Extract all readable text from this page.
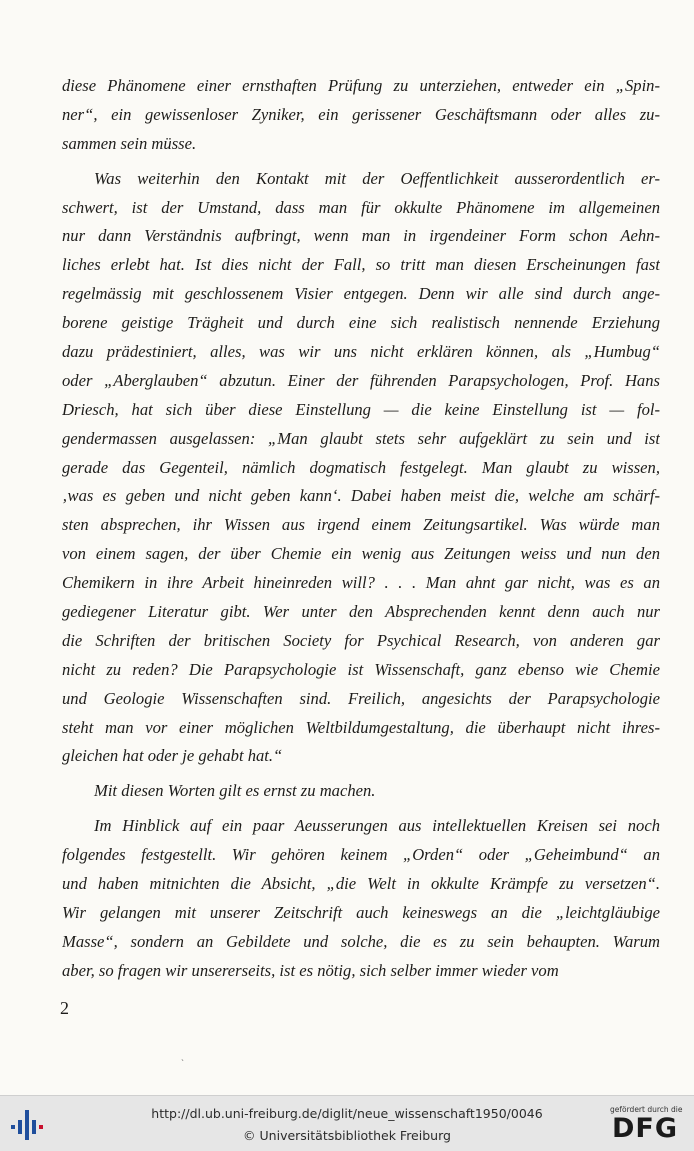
diese Phänomene einer ernsthaften Prüfung zu unterziehen, entweder ein „Spin-
ner“, ein gewissenloser Zyniker, ein gerissener Geschäftsmann oder alles zu-
sammen sein müsse.
Was weiterhin den Kontakt mit der Oeffentlichkeit ausserordentlich er-
schwert, ist der Umstand, dass man für okkulte Phänomene im allgemeinen
nur dann Verständnis aufbringt, wenn man in irgendeiner Form schon Aehn-
liches erlebt hat. Ist dies nicht der Fall, so tritt man diesen Erscheinungen fast
regelmässig mit geschlossenem Visier entgegen. Denn wir alle sind durch ange-
borene geistige Trägheit und durch eine sich realistisch nennende Erziehung
dazu prädestiniert, alles, was wir uns nicht erklären können, als „Humbug“
oder „Aberglauben“ abzutun. Einer der führenden Parapsychologen, Prof. Hans
Driesch, hat sich über diese Einstellung — die keine Einstellung ist — fol-
gendermassen ausgelassen: „Man glaubt stets sehr aufgeklärt zu sein und ist
gerade das Gegenteil, nämlich dogmatisch festgelegt. Man glaubt zu wissen,
‚was es geben und nicht geben kann‘. Dabei haben meist die, welche am schärf-
sten absprechen, ihr Wissen aus irgend einem Zeitungsartikel. Was würde man
von einem sagen, der über Chemie ein wenig aus Zeitungen weiss und nun den
Chemikern in ihre Arbeit hineinreden will? . . . Man ahnt gar nicht, was es an
gediegener Literatur gibt. Wer unter den Absprechenden kennt denn auch nur
die Schriften der britischen Society for Psychical Research, von anderen gar
nicht zu reden? Die Parapsychologie ist Wissenschaft, ganz ebenso wie Chemie
und Geologie Wissenschaften sind. Freilich, angesichts der Parapsychologie
steht man vor einer möglichen Weltbildumgestaltung, die überhaupt nicht ihres-
gleichen hat oder je gehabt hat.“
Mit diesen Worten gilt es ernst zu machen.
Im Hinblick auf ein paar Aeusserungen aus intellektuellen Kreisen sei noch
folgendes festgestellt. Wir gehören keinem „Orden“ oder „Geheimbund“ an
und haben mitnichten die Absicht, „die Welt in okkulte Krämpfe zu versetzen“.
Wir gelangen mit unserer Zeitschrift auch keineswegs an die „leichtgläubige
Masse“, sondern an Gebildete und solche, die es zu sein behaupten. Warum
aber, so fragen wir unsererseits, ist es nötig, sich selber immer wieder vom
2
ˎ
http://dl.ub.uni-freiburg.de/diglit/neue_wissenschaft1950/0046
© Universitätsbibliothek Freiburg
gefördert durch die
DFG
